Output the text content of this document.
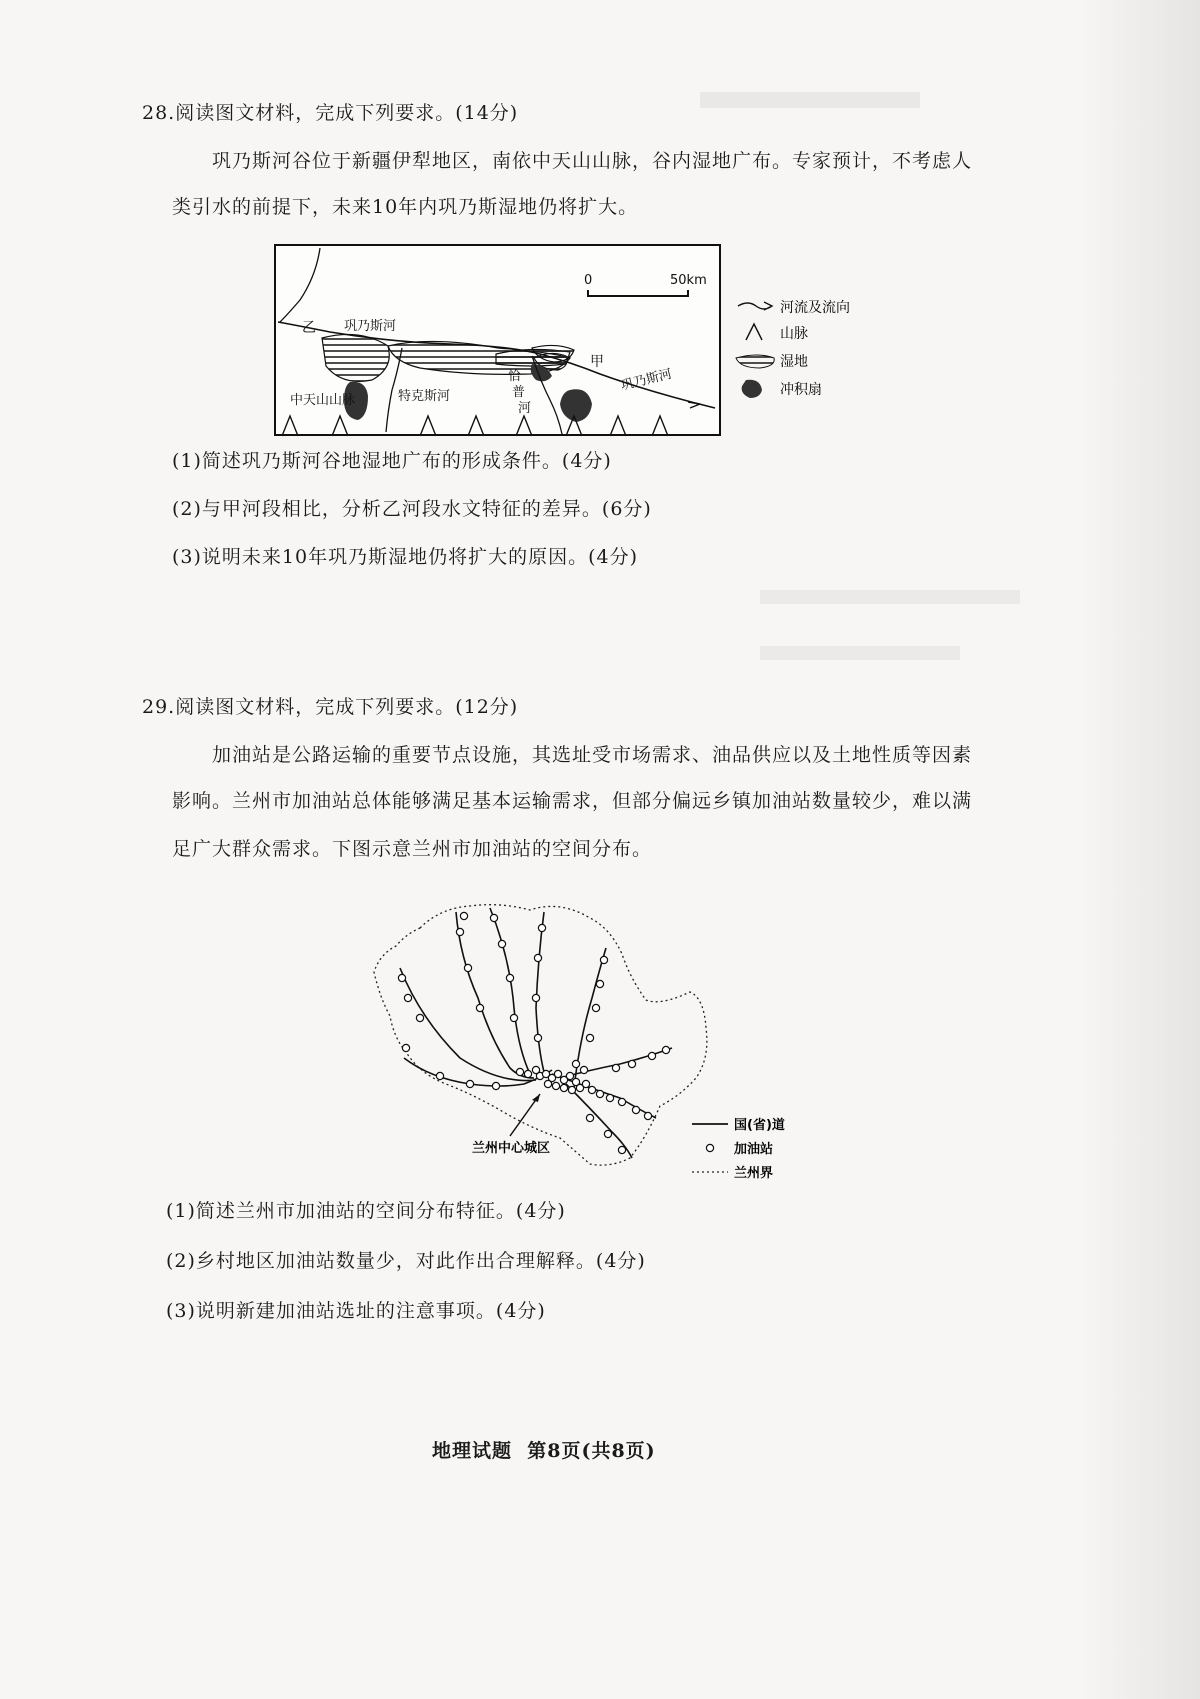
28.阅读图文材料，完成下列要求。(14分)
巩乃斯河谷位于新疆伊犁地区，南依中天山山脉，谷内湿地广布。专家预计，不考虑人
类引水的前提下，未来10年内巩乃斯湿地仍将扩大。
0	50km
乙 巩乃斯河
甲
巩乃斯河
中天山山脉	特克斯河
恰
普
河
河流及流向
山脉
湿地
冲积扇
(1)简述巩乃斯河谷地湿地广布的形成条件。(4分)
(2)与甲河段相比，分析乙河段水文特征的差异。(6分)
(3)说明未来10年巩乃斯湿地仍将扩大的原因。(4分)
29.阅读图文材料，完成下列要求。(12分)
加油站是公路运输的重要节点设施，其选址受市场需求、油品供应以及土地性质等因素
影响。兰州市加油站总体能够满足基本运输需求，但部分偏远乡镇加油站数量较少，难以满
足广大群众需求。下图示意兰州市加油站的空间分布。
兰州中心城区
国(省)道
加油站
兰州界
(1)简述兰州市加油站的空间分布特征。(4分)
(2)乡村地区加油站数量少，对此作出合理解释。(4分)
(3)说明新建加油站选址的注意事项。(4分)
地理试题  第8页(共8页)
